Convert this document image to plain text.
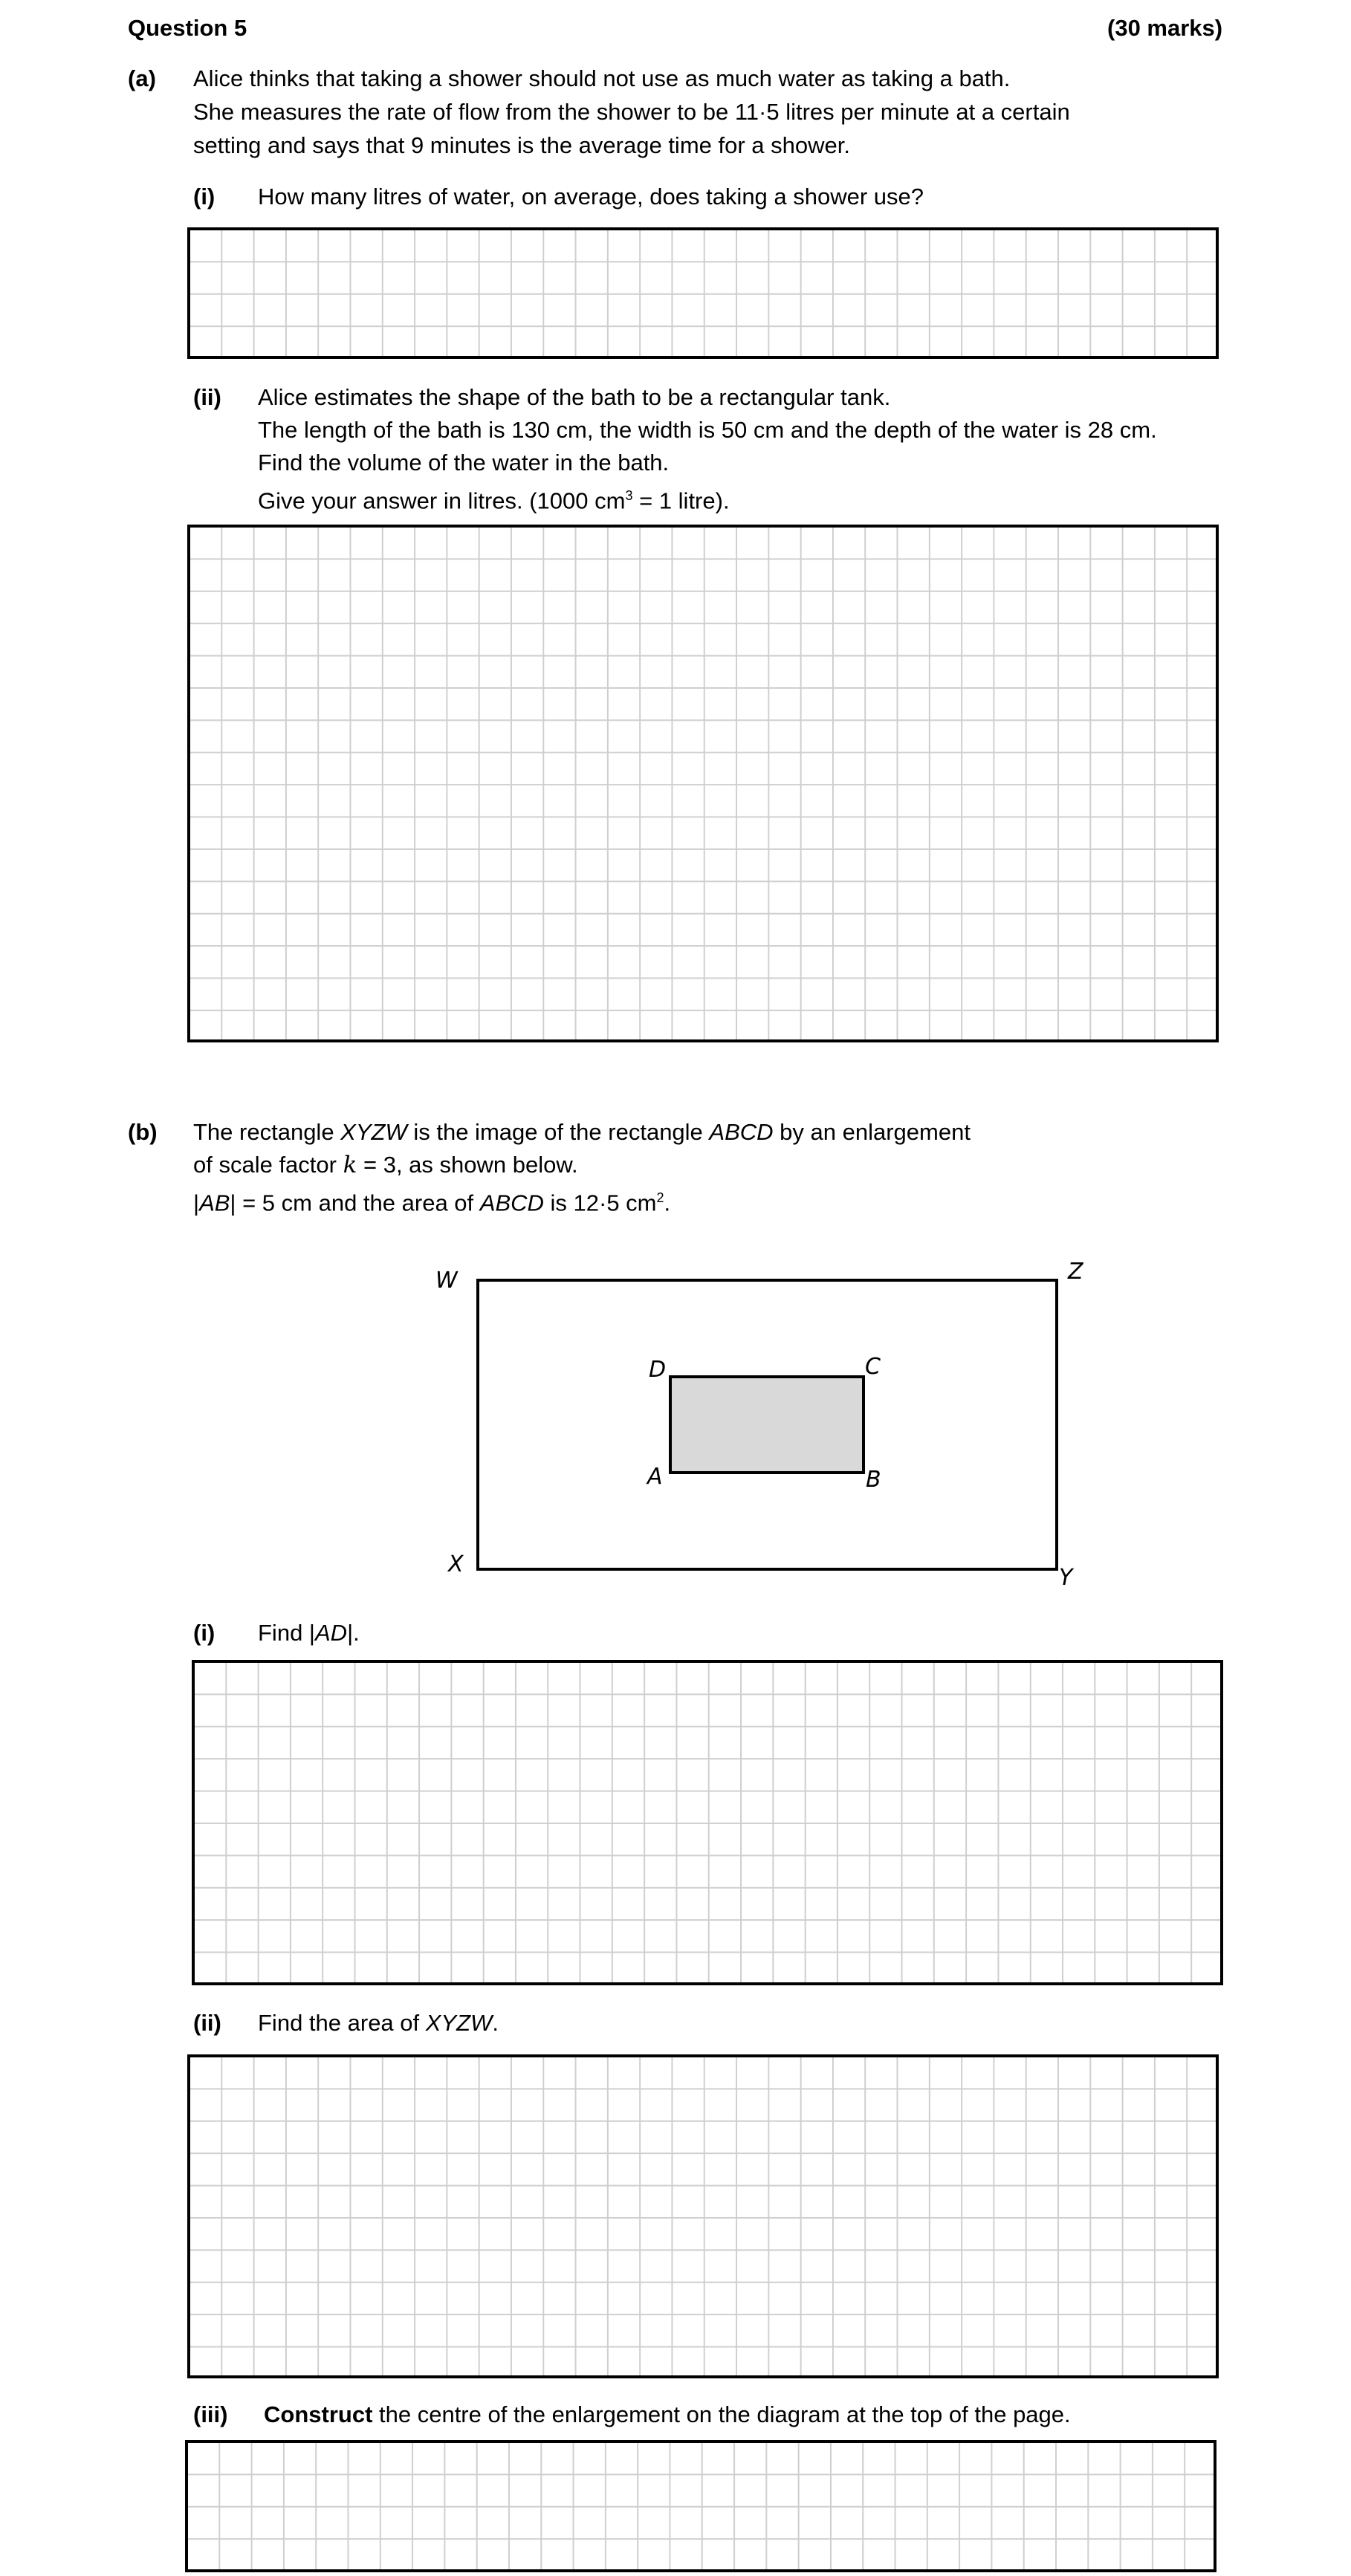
Question 5	(30 marks)
(a) Alice thinks that taking a shower should not use as much water as taking a bath.
She measures the rate of flow from the shower to be 11·5 litres per minute at a certain
setting and says that 9 minutes is the average time for a shower.
(i) How many litres of water, on average, does taking a shower use?
(ii) Alice estimates the shape of the bath to be a rectangular tank.
The length of the bath is 130 cm, the width is 50 cm and the depth of the water is 28 cm.
Find the volume of the water in the bath.
Give your answer in litres. (1000 $cm^3 = 1$ litre).
(b) The rectangle XYZW is the image of the rectangle ABCD by an enlargement
of scale factor k = 3, as shown below.
|AB| = 5 cm and the area of ABCD is 12·5 $cm^2$.
W	Z
X
Y
D	C
A	B
(i) Find |AD|.
(ii) Find the area of XYZW.
(iii) Construct the centre of the enlargement on the diagram at the top of the page.
